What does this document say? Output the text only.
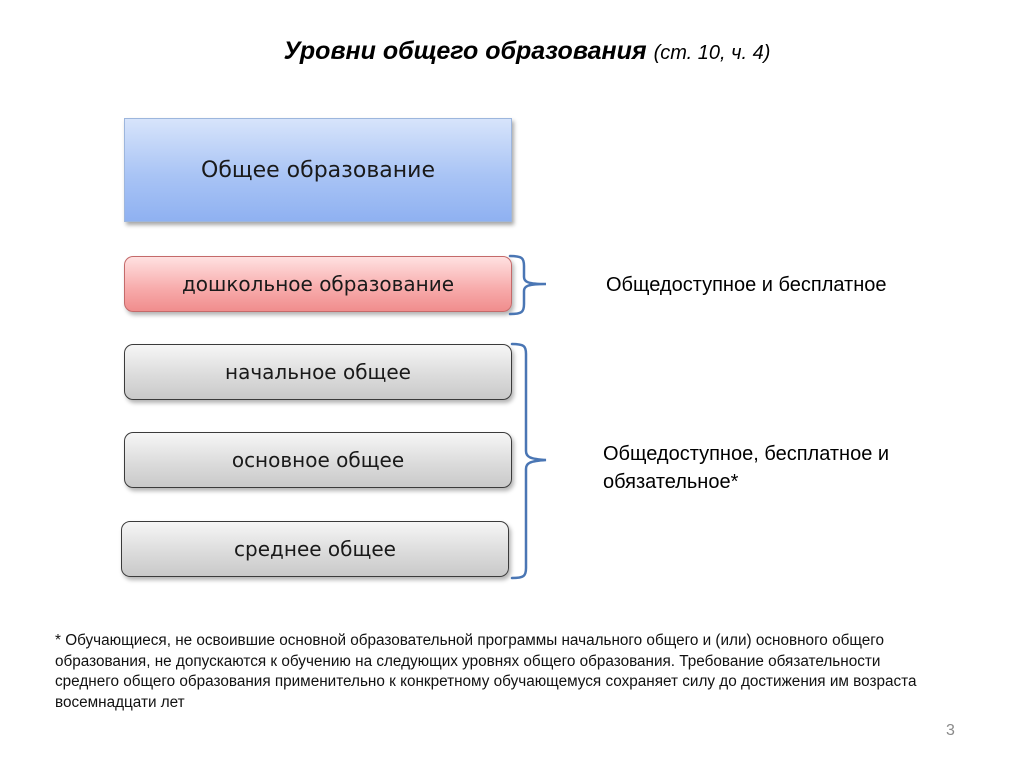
Уровни общего образования (ст. 10, ч. 4)
Общее образование
дошкольное образование
начальное общее
основное общее
среднее общее
Общедоступное и бесплатное
Общедоступное, бесплатное и обязательное*
* Обучающиеся, не освоившие основной образовательной программы начального общего и (или) основного общего образования, не допускаются к обучению на следующих уровнях общего образования. Требование обязательности среднего общего образования применительно к конкретному обучающемуся сохраняет силу до достижения им возраста восемнадцати лет
3
